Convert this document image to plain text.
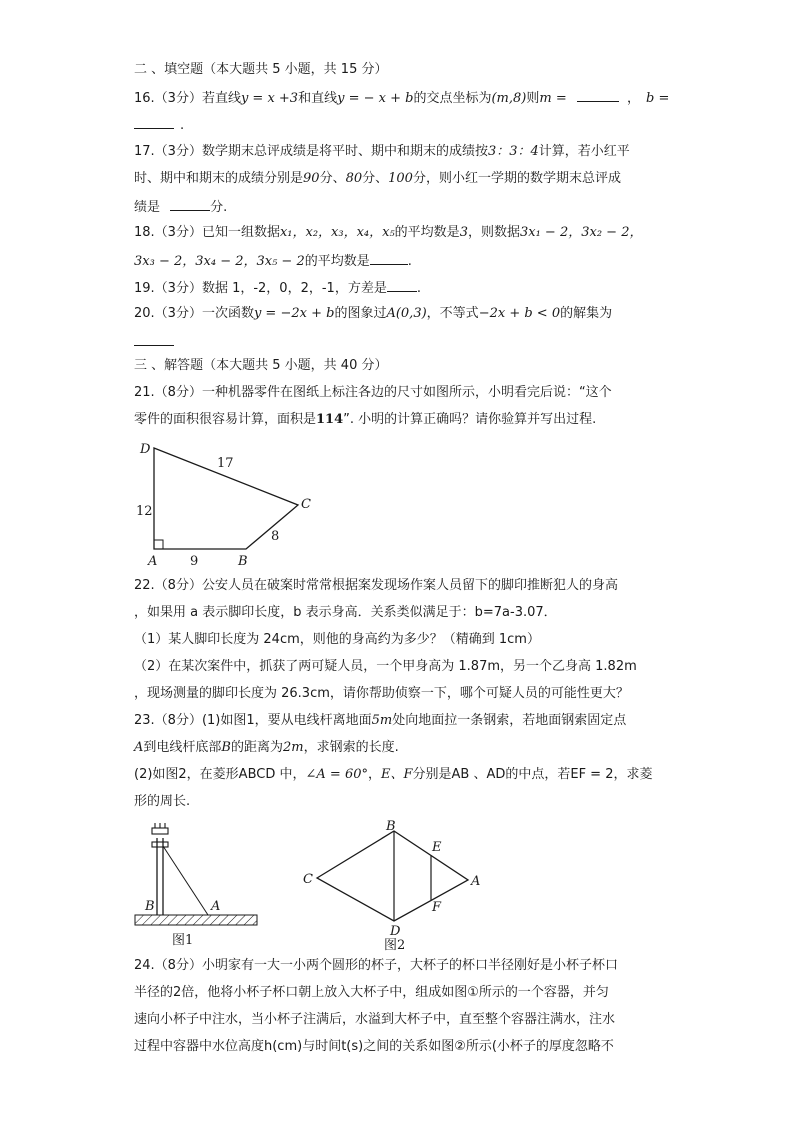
二 、填空题（本大题共 5 小题，共 15 分）
16.（3分）若直线y = x +3和直线y = − x + b的交点坐标为(m,8)则m =	， b =
.
17.（3分）数学期末总评成绩是将平时、期中和期末的成绩按3：3：4计算，若小红平
时、期中和期末的成绩分别是90分、80分、100分，则小红一学期的数学期末总评成
绩是	分.
18.（3分）已知一组数据x₁，x₂，x₃，x₄，x₅的平均数是3，则数据3x₁ − 2，3x₂ − 2，
3x₃ − 2，3x₄ − 2，3x₅ − 2的平均数是	.
19.（3分）数据 1，-2，0，2，-1，方差是 .
20.（3分）一次函数y = −2x + b的图象过A(0,3)，不等式−2x + b < 0的解集为
三 、解答题（本大题共 5 小题，共 40 分）
21.（8分）一种机器零件在图纸上标注各边的尺寸如图所示，小明看完后说：“这个
零件的面积很容易计算，面积是114”. 小明的计算正确吗？请你验算并写出过程.
D
C
A	B
17
12
9
8
22.（8分）公安人员在破案时常常根据案发现场作案人员留下的脚印推断犯人的身高
，如果用 a 表示脚印长度，b 表示身高．关系类似满足于：b=7a-3.07．
（1）某人脚印长度为 24cm，则他的身高约为多少？（精确到 1cm）
（2）在某次案件中，抓获了两可疑人员，一个甲身高为 1.87m，另一个乙身高 1.82m
，现场测量的脚印长度为 26.3cm，请你帮助侦察一下，哪个可疑人员的可能性更大？
23.（8分）(1)如图1，要从电线杆离地面5m处向地面拉一条钢索，若地面钢索固定点
A到电线杆底部B的距离为2m，求钢索的长度.
(2)如图2，在菱形ABCD 中，∠A = 60°，E、F分别是AB 、AD的中点，若EF = 2，求菱
形的周长.
B	A
图1
B
E
C	A
F
D
图2
24.（8分）小明家有一大一小两个圆形的杯子，大杯子的杯口半径刚好是小杯子杯口
半径的2倍，他将小杯子杯口朝上放入大杯子中，组成如图①所示的一个容器，并匀
速向小杯子中注水，当小杯子注满后，水溢到大杯子中，直至整个容器注满水，注水
过程中容器中水位高度h(cm)与时间t(s)之间的关系如图②所示(小杯子的厚度忽略不
